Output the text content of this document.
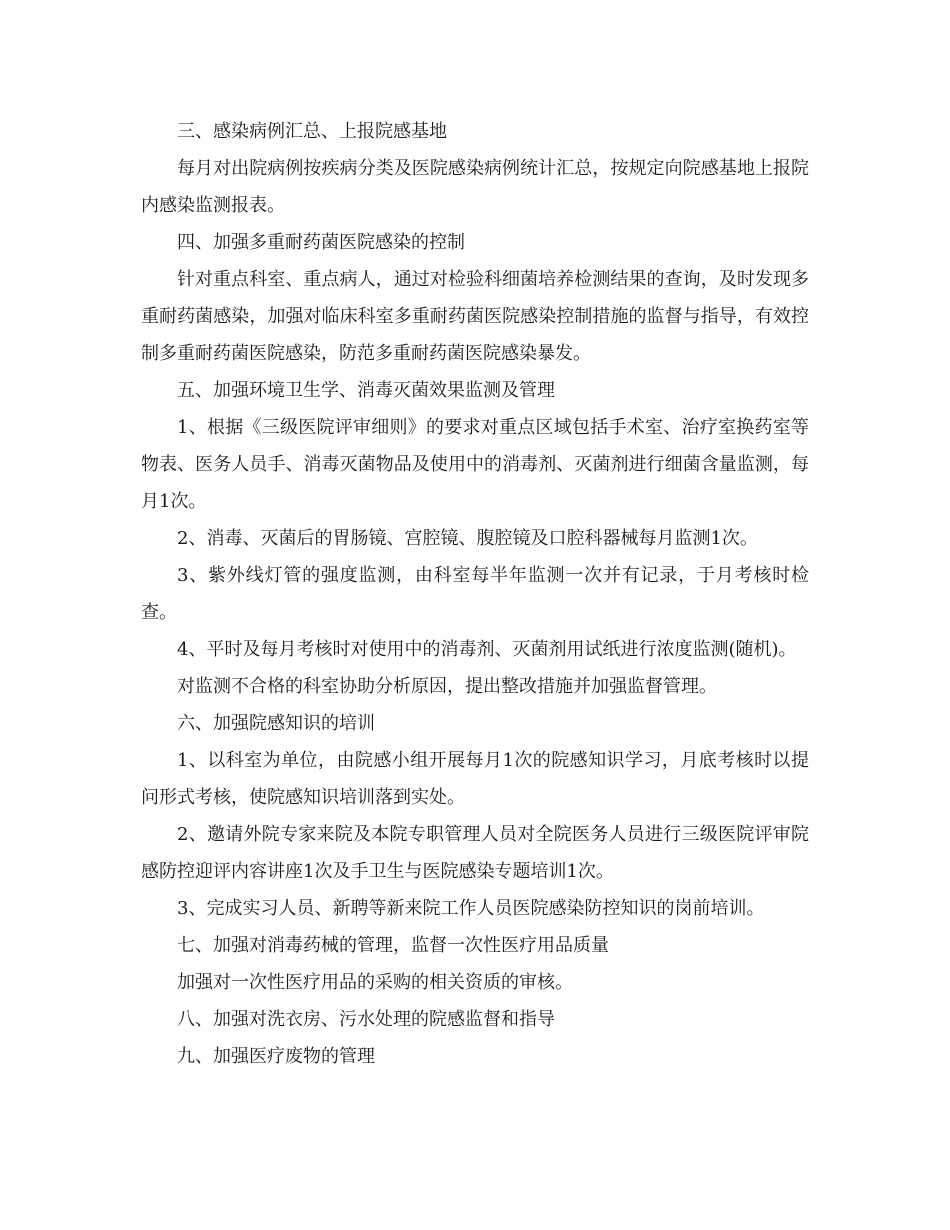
三、感染病例汇总、上报院感基地

每月对出院病例按疾病分类及医院感染病例统计汇总，按规定向院感基地上报院内感染监测报表。

四、加强多重耐药菌医院感染的控制

针对重点科室、重点病人，通过对检验科细菌培养检测结果的查询，及时发现多重耐药菌感染，加强对临床科室多重耐药菌医院感染控制措施的监督与指导，有效控制多重耐药菌医院感染，防范多重耐药菌医院感染暴发。

五、加强环境卫生学、消毒灭菌效果监测及管理

1、根据《三级医院评审细则》的要求对重点区域包括手术室、治疗室换药室等物表、医务人员手、消毒灭菌物品及使用中的消毒剂、灭菌剂进行细菌含量监测，每月1次。

2、消毒、灭菌后的胃肠镜、宫腔镜、腹腔镜及口腔科器械每月监测1次。

3、紫外线灯管的强度监测，由科室每半年监测一次并有记录，于月考核时检查。

4、平时及每月考核时对使用中的消毒剂、灭菌剂用试纸进行浓度监测(随机)。

对监测不合格的科室协助分析原因，提出整改措施并加强监督管理。

六、加强院感知识的培训

1、以科室为单位，由院感小组开展每月1次的院感知识学习，月底考核时以提问形式考核，使院感知识培训落到实处。

2、邀请外院专家来院及本院专职管理人员对全院医务人员进行三级医院评审院感防控迎评内容讲座1次及手卫生与医院感染专题培训1次。

3、完成实习人员、新聘等新来院工作人员医院感染防控知识的岗前培训。

七、加强对消毒药械的管理，监督一次性医疗用品质量

加强对一次性医疗用品的采购的相关资质的审核。

八、加强对洗衣房、污水处理的院感监督和指导

九、加强医疗废物的管理
